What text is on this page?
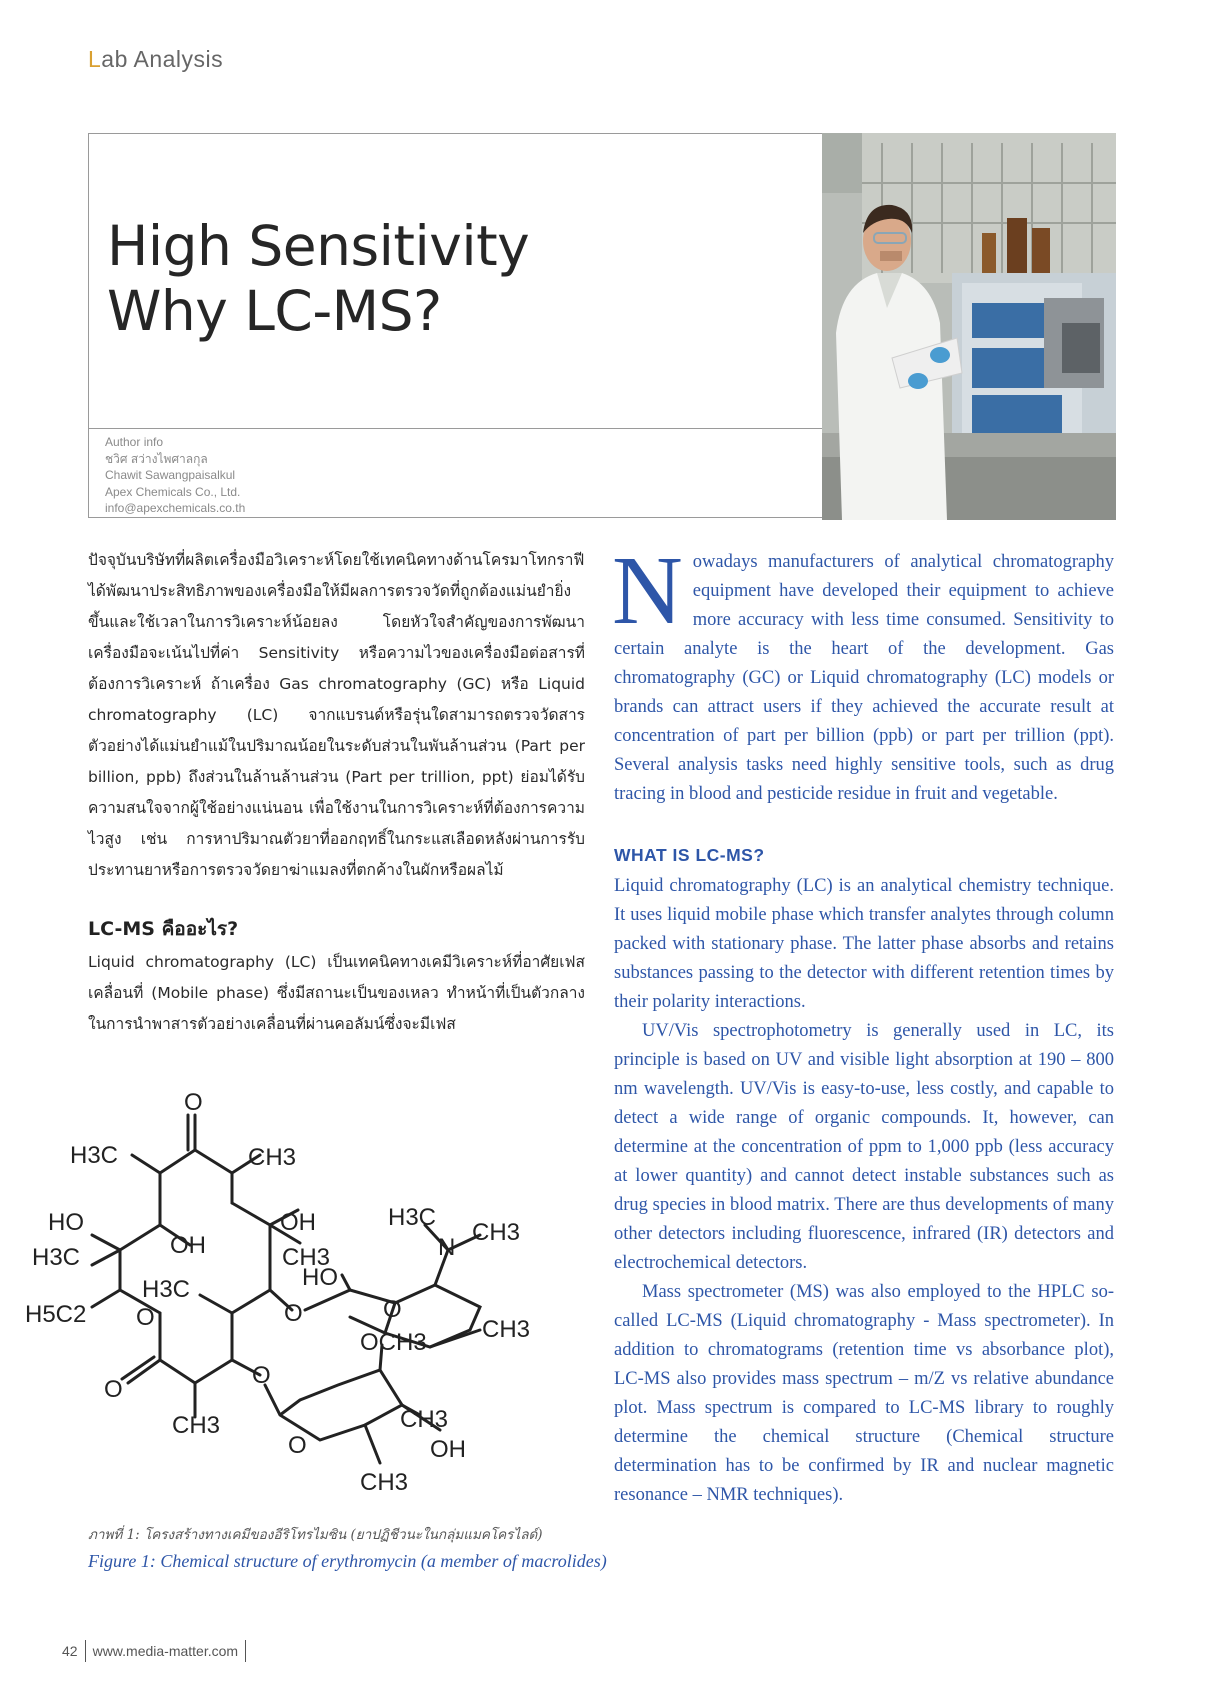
Lab Analysis
High Sensitivity
Why LC-MS?
Author info
ชวิศ สว่างไพศาลกุล
Chawit Sawangpaisalkul
Apex Chemicals Co., Ltd.
info@apexchemicals.co.th

ปัจจุบันบริษัทที่ผลิตเครื่องมือวิเคราะห์โดยใช้เทคนิคทางด้านโครมาโทกราฟีได้พัฒนาประสิทธิภาพของเครื่องมือให้มีผลการตรวจวัดที่ถูกต้องแม่นยำยิ่งขึ้นและใช้เวลาในการวิเคราะห์น้อยลง โดยหัวใจสำคัญของการพัฒนาเครื่องมือจะเน้นไปที่ค่า Sensitivity หรือความไวของเครื่องมือต่อสารที่ต้องการวิเคราะห์ ถ้าเครื่อง Gas chromatography (GC) หรือ Liquid chromatography (LC) จากแบรนด์หรือรุ่นใดสามารถตรวจวัดสารตัวอย่างได้แม่นยำแม้ในปริมาณน้อยในระดับส่วนในพันล้านส่วน (Part per billion, ppb) ถึงส่วนในล้านล้านส่วน (Part per trillion, ppt) ย่อมได้รับความสนใจจากผู้ใช้อย่างแน่นอน เพื่อใช้งานในการวิเคราะห์ที่ต้องการความไวสูง เช่น การหาปริมาณตัวยาที่ออกฤทธิ์ในกระแสเลือดหลังผ่านการรับประทานยาหรือการตรวจวัดยาฆ่าแมลงที่ตกค้างในผักหรือผลไม้

LC-MS คืออะไร?

Liquid chromatography (LC) เป็นเทคนิคทางเคมีวิเคราะห์ที่อาศัยเฟสเคลื่อนที่ (Mobile phase) ซึ่งมีสถานะเป็นของเหลว ทำหน้าที่เป็นตัวกลางในการนำพาสารตัวอย่างเคลื่อนที่ผ่านคอลัมน์ซึ่งจะมีเฟส

O
H3C	CH3
HO
OH
H3C
OH
CH3
H5C2 O
H3C
O
CH3
O
O
H3C
N
CH3
HO
O
CH3
OCH3
CH3
O	OH
CH3
ภาพที่ 1: โครงสร้างทางเคมีของอีริโทรไมซิน (ยาปฏิชีวนะในกลุ่มแมคโครไลด์)
Figure 1: Chemical structure of erythromycin (a member of macrolides)

Nowadays manufacturers of analytical chromatography equipment have developed their equipment to achieve more accuracy with less time consumed. Sensitivity to certain analyte is the heart of the development. Gas chromatography (GC) or Liquid chromatography (LC) models or brands can attract users if they achieved the accurate result at concentration of part per billion (ppb) or part per trillion (ppt). Several analysis tasks need highly sensitive tools, such as drug tracing in blood and pesticide residue in fruit and vegetable.

WHAT IS LC-MS?

Liquid chromatography (LC) is an analytical chemistry technique. It uses liquid mobile phase which transfer analytes through column packed with stationary phase. The latter phase absorbs and retains substances passing to the detector with different retention times by their polarity interactions.

UV/Vis spectrophotometry is generally used in LC, its principle is based on UV and visible light absorption at 190 – 800 nm wavelength. UV/Vis is easy-to-use, less costly, and capable to detect a wide range of organic compounds. It, however, can determine at the concentration of ppm to 1,000 ppb (less accuracy at lower quantity) and cannot detect instable substances such as drug species in blood matrix. There are thus developments of many other detectors including fluorescence, infrared (IR) detectors and electrochemical detectors.

Mass spectrometer (MS) was also employed to the HPLC so-called LC-MS (Liquid chromatography - Mass spectrometer). In addition to chromatograms (retention time vs absorbance plot), LC-MS also provides mass spectrum – m/Z vs relative abundance plot. Mass spectrum is compared to LC-MS library to roughly determine the chemical structure (Chemical structure determination has to be confirmed by IR and nuclear magnetic resonance – NMR techniques).

42 www.media-matter.com
